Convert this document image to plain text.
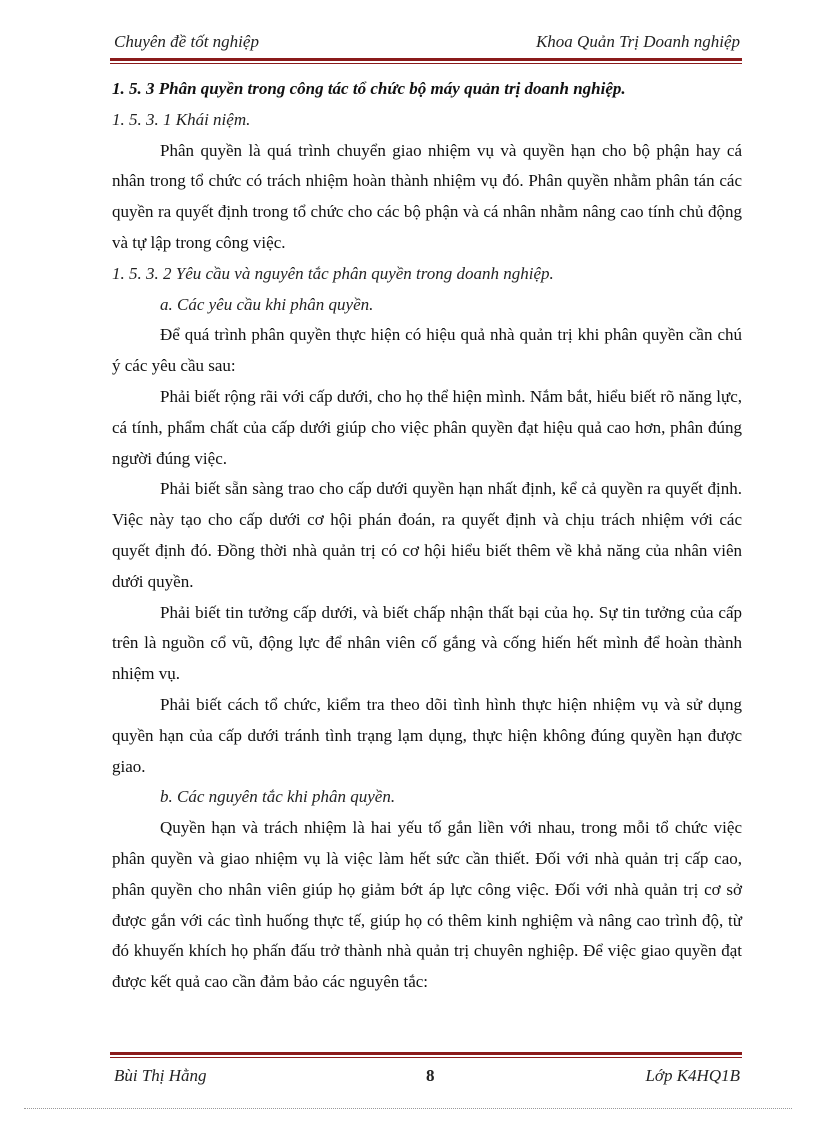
Chuyên đề tốt nghiệp	Khoa Quản Trị Doanh nghiệp

1. 5. 3 Phân quyền trong công tác tổ chức bộ máy quản trị doanh nghiệp.

1. 5. 3. 1 Khái niệm.

Phân quyền là quá trình chuyển giao nhiệm vụ và quyền hạn cho bộ phận hay cá nhân trong tổ chức có trách nhiệm hoàn thành nhiệm vụ đó. Phân quyền nhằm phân tán các quyền ra quyết định trong tổ chức cho các bộ phận và cá nhân nhằm nâng cao tính chủ động và tự lập trong công việc.

1. 5. 3. 2 Yêu cầu và nguyên tắc phân quyền trong doanh nghiệp.

a. Các yêu cầu khi phân quyền.

Để quá trình phân quyền thực hiện có hiệu quả nhà quản trị khi phân quyền cần chú ý các yêu cầu sau:

Phải biết rộng rãi với cấp dưới, cho họ thể hiện mình. Nắm bắt, hiểu biết rõ năng lực, cá tính, phẩm chất của cấp dưới giúp cho việc phân quyền đạt hiệu quả cao hơn, phân đúng người đúng việc.

Phải biết sẵn sàng trao cho cấp dưới quyền hạn nhất định, kể cả quyền ra quyết định. Việc này tạo cho cấp dưới cơ hội phán đoán, ra quyết định và chịu trách nhiệm với các quyết định đó. Đồng thời nhà quản trị có cơ hội hiểu biết thêm về khả năng của nhân viên dưới quyền.

Phải biết tin tưởng cấp dưới, và biết chấp nhận thất bại của họ. Sự tin tưởng của cấp trên là nguồn cổ vũ, động lực để nhân viên cố gắng và cống hiến hết mình để hoàn thành nhiệm vụ.

Phải biết cách tổ chức, kiểm tra theo dõi tình hình thực hiện nhiệm vụ và sử dụng quyền hạn của cấp dưới tránh tình trạng lạm dụng, thực hiện không đúng quyền hạn được giao.

b. Các nguyên tắc khi phân quyền.

Quyền hạn và trách nhiệm là hai yếu tố gắn liền với nhau, trong mỗi tổ chức việc phân quyền và giao nhiệm vụ là việc làm hết sức cần thiết. Đối với nhà quản trị cấp cao, phân quyền cho nhân viên giúp họ giảm bớt áp lực công việc. Đối với nhà quản trị cơ sở được gắn với các tình huống thực tế, giúp họ có thêm kinh nghiệm và nâng cao trình độ, từ đó khuyến khích họ phấn đấu trở thành nhà quản trị chuyên nghiệp. Để việc giao quyền đạt được kết quả cao cần đảm bảo các nguyên tắc:

Bùi Thị Hằng	8	Lớp K4HQ1B
